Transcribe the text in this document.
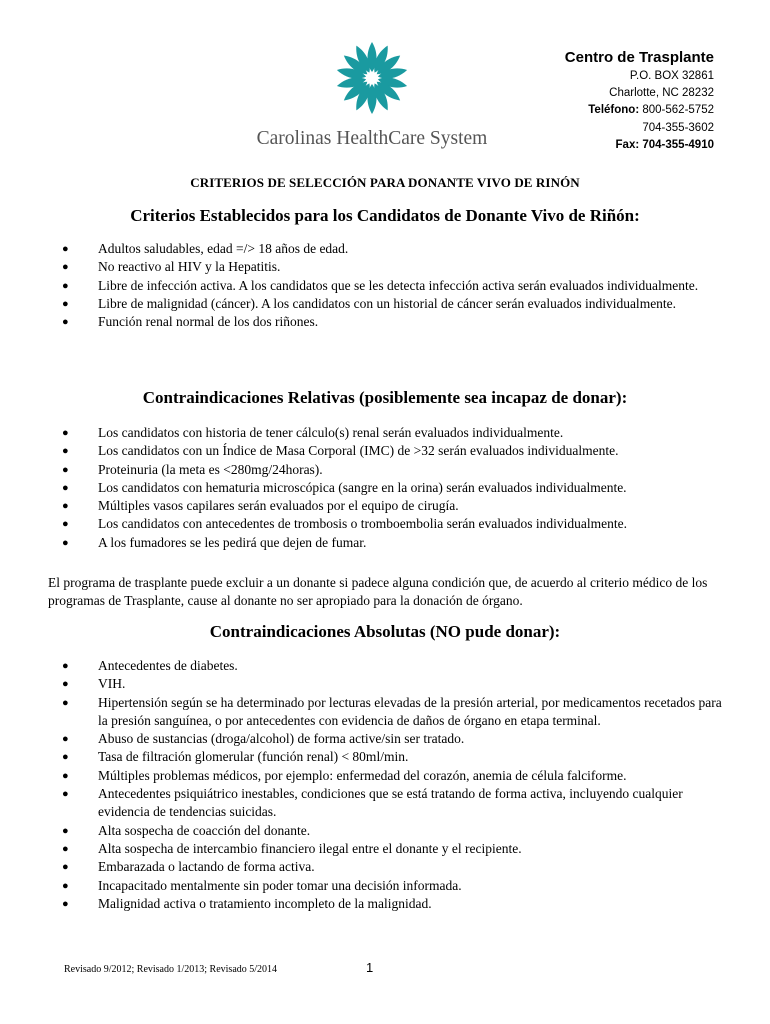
Carolinas HealthCare System
Centro de Trasplante
P.O. BOX 32861
Charlotte, NC 28232
Teléfono: 800-562-5752
704-355-3602
Fax: 704-355-4910
CRITERIOS DE SELECCIÓN PARA DONANTE VIVO DE RINÓN
Criterios Establecidos para los Candidatos de Donante Vivo de Riñón:
● Adultos saludables, edad =/> 18 años de edad.
● No reactivo al HIV y la Hepatitis.
● Libre de infección activa. A los candidatos que se les detecta infección activa serán evaluados individualmente.
● Libre de malignidad (cáncer). A los candidatos con un historial de cáncer serán evaluados individualmente.
● Función renal normal de los dos riñones.
Contraindicaciones Relativas (posiblemente sea incapaz de donar):
● Los candidatos con historia de tener cálculo(s) renal serán evaluados individualmente.
● Los candidatos con un Índice de Masa Corporal (IMC) de >32 serán evaluados individualmente.
● Proteinuria (la meta es <280mg/24horas).
● Los candidatos con hematuria microscópica (sangre en la orina) serán evaluados individualmente.
● Múltiples vasos capilares serán evaluados por el equipo de cirugía.
● Los candidatos con antecedentes de trombosis o tromboembolia serán evaluados individualmente.
● A los fumadores se les pedirá que dejen de fumar.
El programa de trasplante puede excluir a un donante si padece alguna condición que, de acuerdo al criterio médico de los programas de Trasplante, cause al donante no ser apropiado para la donación de órgano.
Contraindicaciones Absolutas (NO pude donar):
● Antecedentes de diabetes.
● VIH.
● Hipertensión según se ha determinado por lecturas elevadas de la presión arterial, por medicamentos recetados para la presión sanguínea, o por antecedentes con evidencia de daños de órgano en etapa terminal.
● Abuso de sustancias (droga/alcohol) de forma active/sin ser tratado.
● Tasa de filtración glomerular (función renal) < 80ml/min.
● Múltiples problemas médicos, por ejemplo: enfermedad del corazón, anemia de célula falciforme.
● Antecedentes psiquiátrico inestables, condiciones que se está tratando de forma activa, incluyendo cualquier evidencia de tendencias suicidas.
● Alta sospecha de coacción del donante.
● Alta sospecha de intercambio financiero ilegal entre el donante y el recipiente.
● Embarazada o lactando de forma activa.
● Incapacitado mentalmente sin poder tomar una decisión informada.
● Malignidad activa o tratamiento incompleto de la malignidad.
Revisado 9/2012; Revisado 1/2013; Revisado 5/2014	1
